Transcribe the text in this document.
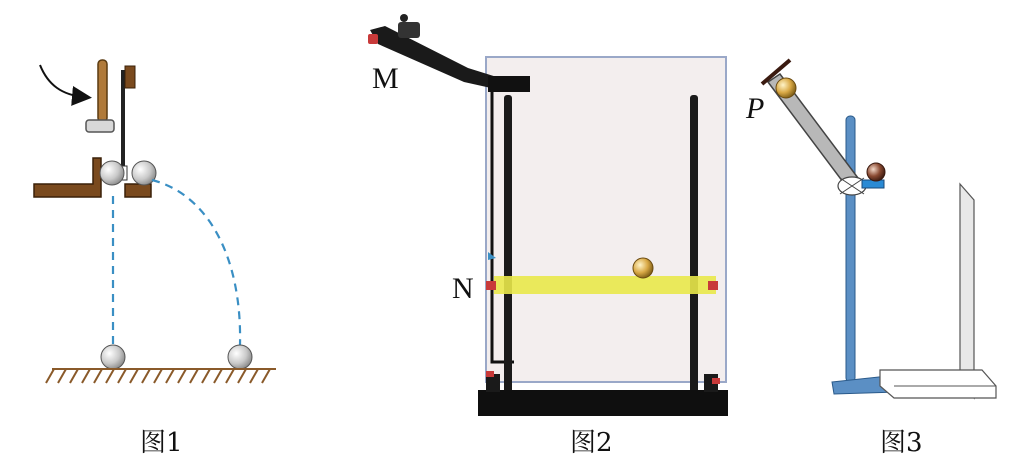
图1
M
N
图2
P
图3
